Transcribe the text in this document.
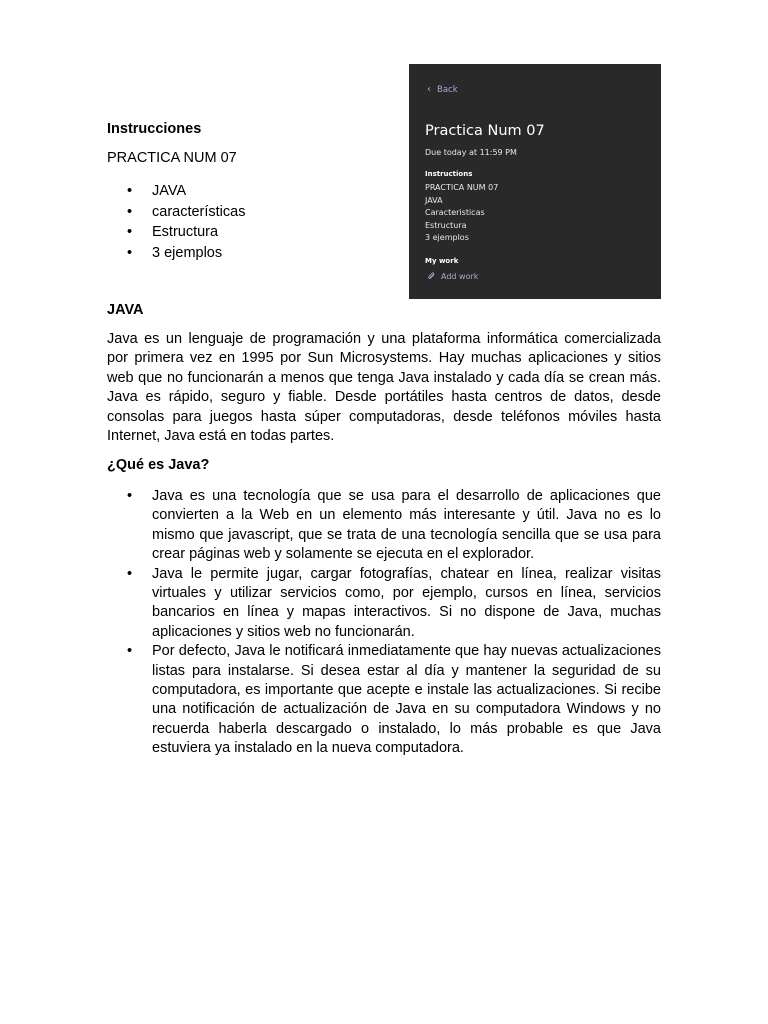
Instrucciones
PRACTICA NUM 07
• JAVA
• características
• Estructura
• 3 ejemplos
‹ Back
Practica Num 07
Due today at 11:59 PM
Instructions
PRACTICA NUM 07
JAVA
Caracteristicas
Estructura
3 ejemplos
My work
Add work
JAVA

Java es un lenguaje de programación y una plataforma informática comercializada por primera vez en 1995 por Sun Microsystems. Hay muchas aplicaciones y sitios web que no funcionarán a menos que tenga Java instalado y cada día se crean más. Java es rápido, seguro y fiable. Desde portátiles hasta centros de datos, desde consolas para juegos hasta súper computadoras, desde teléfonos móviles hasta Internet, Java está en todas partes.

¿Qué es Java?
• Java es una tecnología que se usa para el desarrollo de aplicaciones que convierten a la Web en un elemento más interesante y útil. Java no es lo mismo que javascript, que se trata de una tecnología sencilla que se usa para crear páginas web y solamente se ejecuta en el explorador.
• Java le permite jugar, cargar fotografías, chatear en línea, realizar visitas virtuales y utilizar servicios como, por ejemplo, cursos en línea, servicios bancarios en línea y mapas interactivos. Si no dispone de Java, muchas aplicaciones y sitios web no funcionarán.
• Por defecto, Java le notificará inmediatamente que hay nuevas actualizaciones listas para instalarse. Si desea estar al día y mantener la seguridad de su computadora, es importante que acepte e instale las actualizaciones. Si recibe una notificación de actualización de Java en su computadora Windows y no recuerda haberla descargado o instalado, lo más probable es que Java estuviera ya instalado en la nueva computadora.
